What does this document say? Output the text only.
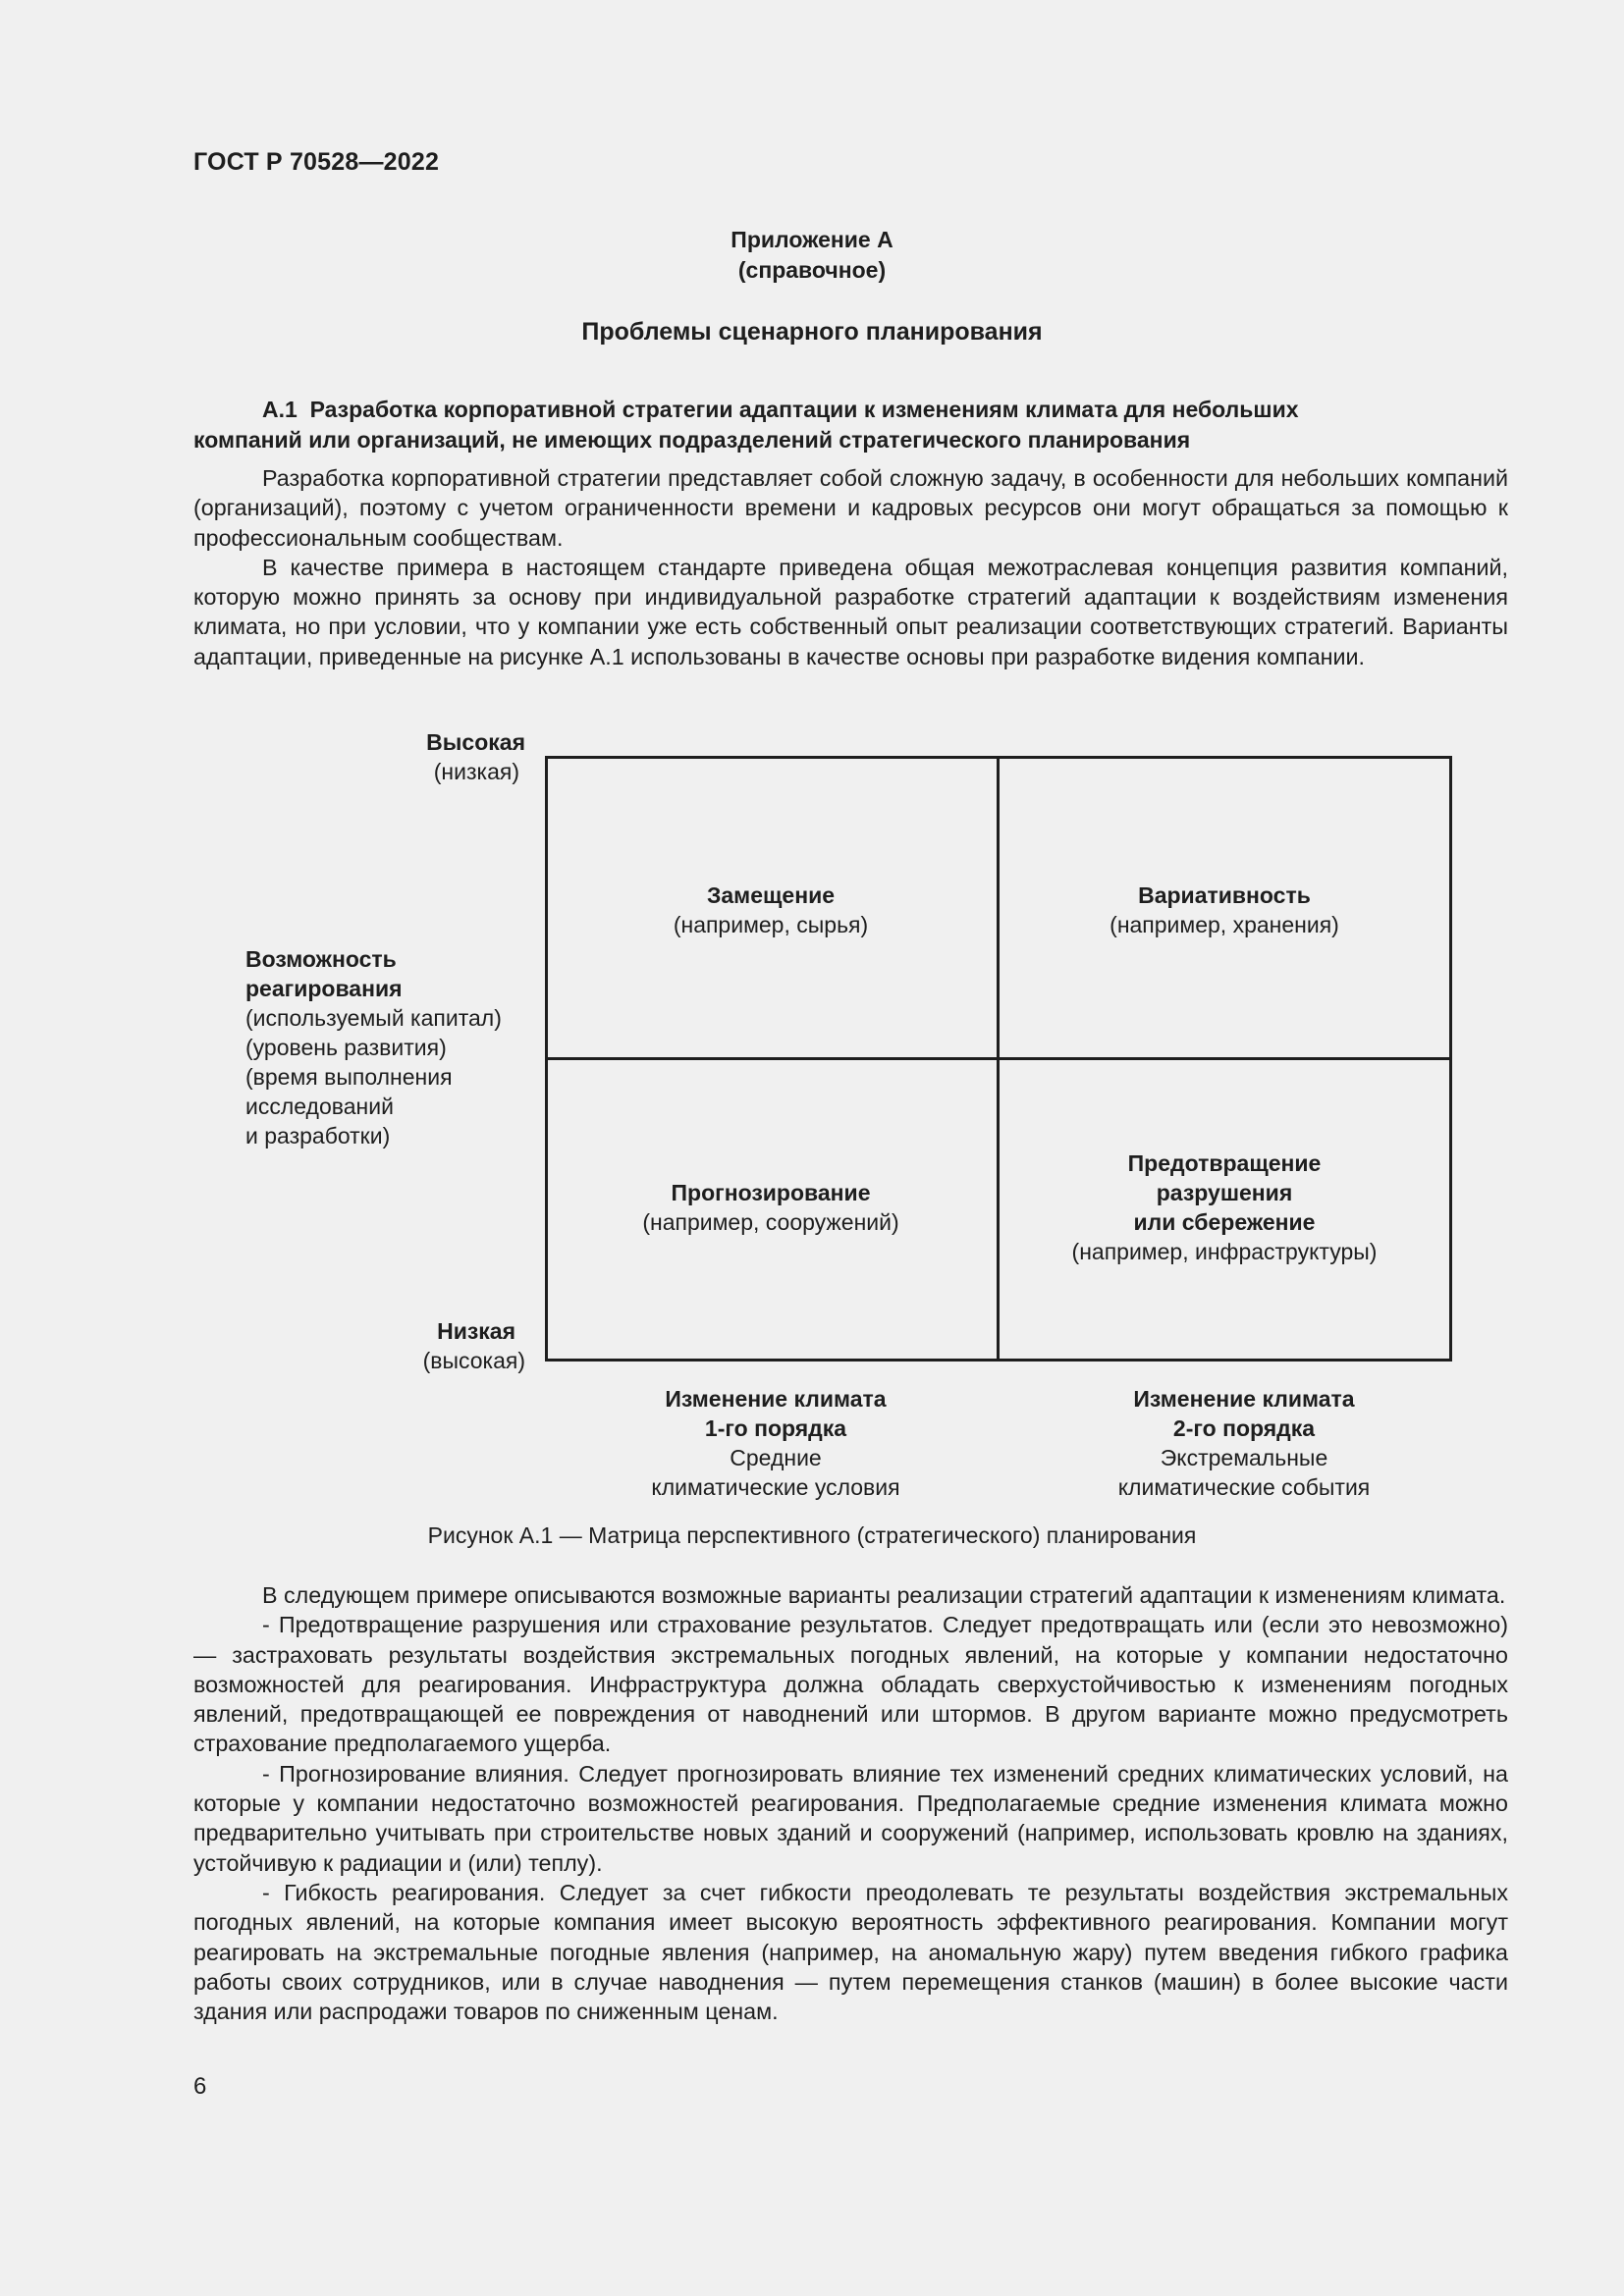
ГОСТ Р 70528—2022
Приложение А
(справочное)
Проблемы сценарного планирования
А.1  Разработка корпоративной стратегии адаптации к изменениям климата для небольших
компаний или организаций, не имеющих подразделений стратегического планирования

Разработка корпоративной стратегии представляет собой сложную задачу, в особенности для небольших компаний (организаций), поэтому с учетом ограниченности времени и кадровых ресурсов они могут обращаться за помощью к профессиональным сообществам.

В качестве примера в настоящем стандарте приведена общая межотраслевая концепция развития компаний, которую можно принять за основу при индивидуальной разработке стратегий адаптации к воздействиям изменения климата, но при условии, что у компании уже есть собственный опыт реализации соответствующих стратегий. Варианты адаптации, приведенные на рисунке А.1 использованы в качестве основы при разработке видения компании.

Высокая
(низкая)
Возможность
реагирования
(используемый капитал)
(уровень развития)
(время выполнения
исследований
и разработки)
Низкая
(высокая)
Замещение
(например, сырья)
Вариативность
(например, хранения)
Прогнозирование
(например, сооружений)
Предотвращение
разрушения
или сбережение
(например, инфраструктуры)
Изменение климата
1-го порядка
Средние
климатические условия
Изменение климата
2-го порядка
Экстремальные
климатические события
Рисунок А.1 — Матрица перспективного (стратегического) планирования

В следующем примере описываются возможные варианты реализации стратегий адаптации к изменениям климата.

- Предотвращение разрушения или страхование результатов. Следует предотвращать или (если это невозможно) — застраховать результаты воздействия экстремальных погодных явлений, на которые у компании недостаточно возможностей для реагирования. Инфраструктура должна обладать сверхустойчивостью к изменениям погодных явлений, предотвращающей ее повреждения от наводнений или штормов. В другом варианте можно предусмотреть страхование предполагаемого ущерба.

- Прогнозирование влияния. Следует прогнозировать влияние тех изменений средних климатических условий, на которые у компании недостаточно возможностей реагирования. Предполагаемые средние изменения климата можно предварительно учитывать при строительстве новых зданий и сооружений (например, использовать кровлю на зданиях, устойчивую к радиации и (или) теплу).

- Гибкость реагирования. Следует за счет гибкости преодолевать те результаты воздействия экстремальных погодных явлений, на которые компания имеет высокую вероятность эффективного реагирования. Компании могут реагировать на экстремальные погодные явления (например, на аномальную жару) путем введения гибкого графика работы своих сотрудников, или в случае наводнения — путем перемещения станков (машин) в более высокие части здания или распродажи товаров по сниженным ценам.

6
